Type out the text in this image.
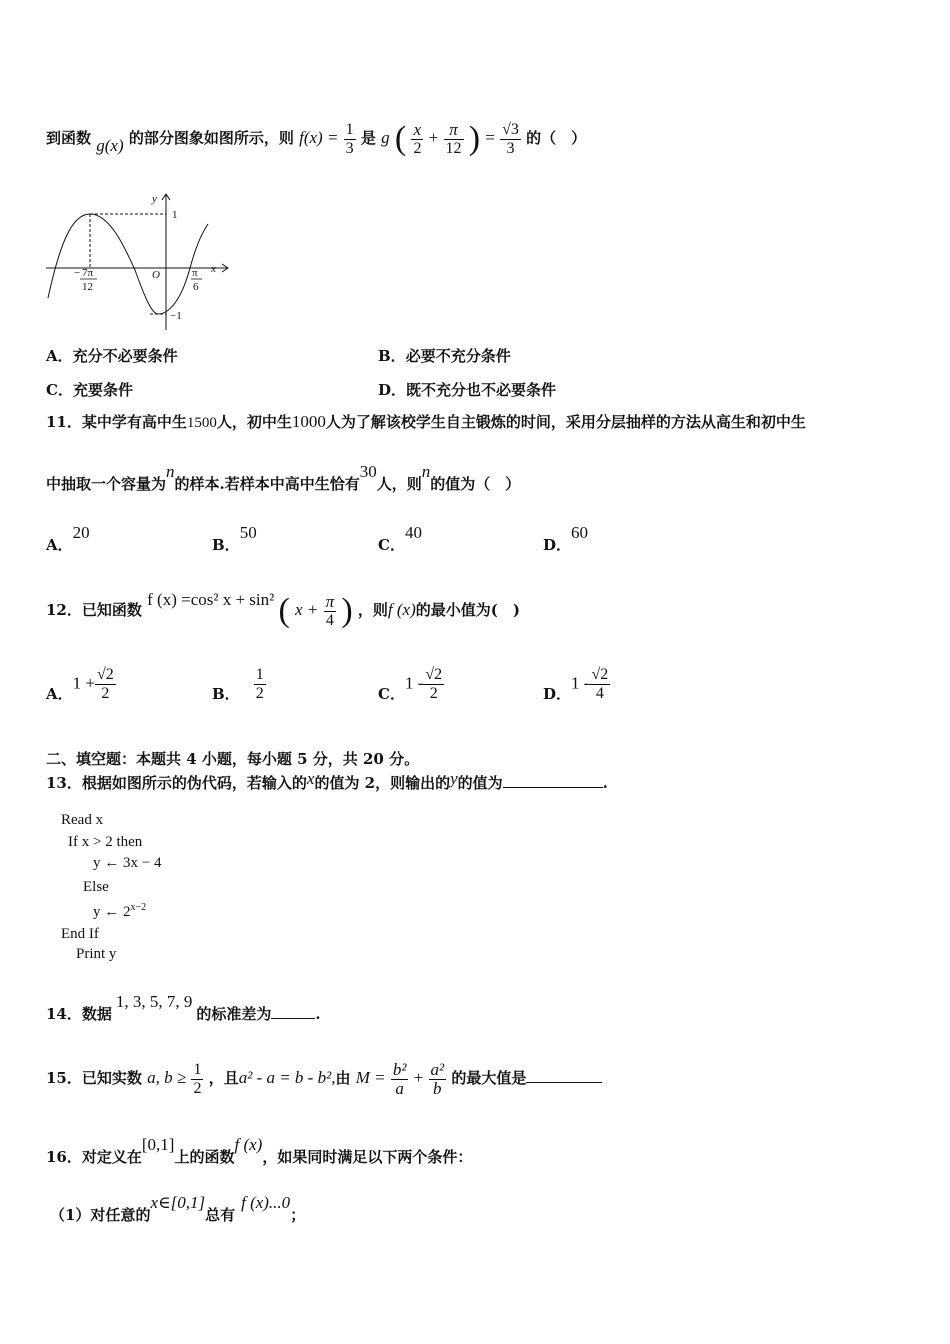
到函数 g(x) 的部分图象如图所示，则 $f(x) = \frac{1}{3}$ 是 g ( $\frac{x}{2} + \frac{\pi}{12}$ ) = $\frac{√3}{3}$ 的（　）
y
x
O
1
−1
− 7π
12
π
6
A．充分不必要条件	B．必要不充分条件
C．充要条件	D．既不充分也不必要条件
11．某中学有高中生1500人，初中生1000人为了解该校学生自主锻炼的时间，采用分层抽样的方法从高生和初中生
中抽取一个容量为n的样本.若样本中高中生恰有30人，则n的值为（　）
A．20
B．50
C．40
D．60
12．已知函数 f (x) =cos² x + sin² ( $x + \frac{\pi}{4}$ ) ，则f (x)的最小值为(　)
A．$1 + \frac{√2}{2}$	B． $\frac{1}{2}$	C．$1 - \frac{√2}{2}$	D．$1 - \frac{√2}{4}$
二、填空题：本题共 4 小题，每小题 5 分，共 20 分。
13．根据如图所示的伪代码，若输入的x的值为 2，则输出的y的值为	.
Read x
If x > 2 then
y ← 3x − 4
Else
y ← $2^{x-2}$
End If
Print y
14．数据1, 3, 5, 7, 9的标准差为	.
15．已知实数 a, $b \ge \frac{1}{2}$ ，且a² - a = b - b²,由 $M = \frac{\text{b²}}{a} + \frac{\text{a²}}{b}$ 的最大值是
16．对定义在[0,1]上的函数f (x)，如果同时满足以下两个条件：
（1）对任意的x∈[0,1]总有f (x)...0；
